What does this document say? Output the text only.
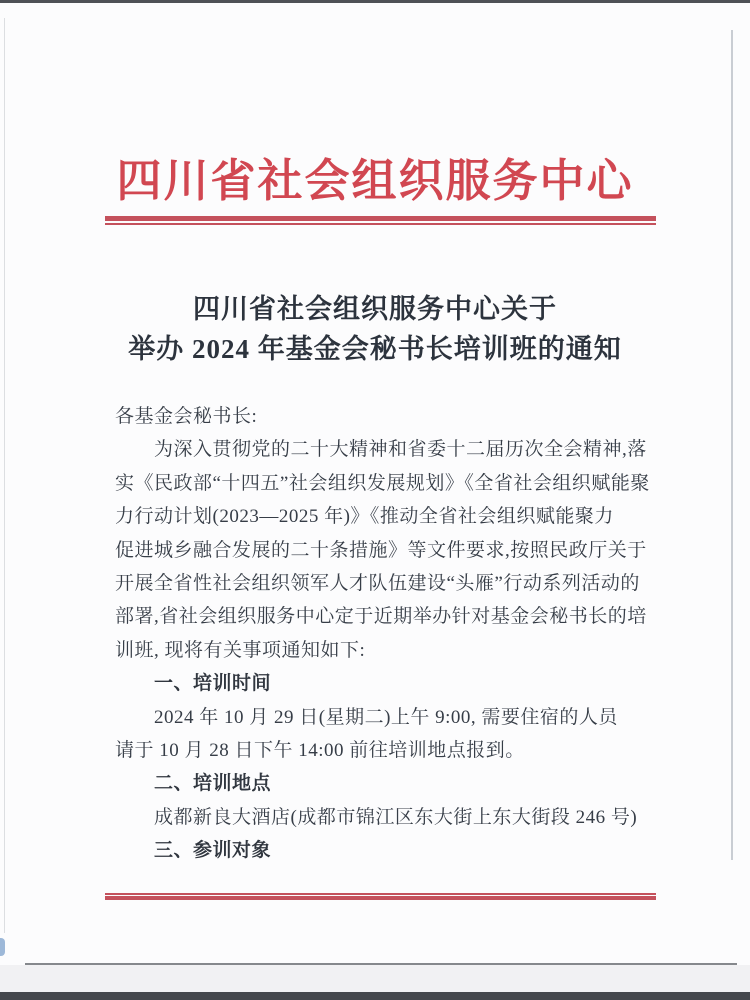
四川省社会组织服务中心
四川省社会组织服务中心关于
举办 2024 年基金会秘书长培训班的通知
各基金会秘书长:
　　为深入贯彻党的二十大精神和省委十二届历次全会精神,落
实《民政部“十四五”社会组织发展规划》《全省社会组织赋能聚
力行动计划(2023—2025 年)》《推动全省社会组织赋能聚力
促进城乡融合发展的二十条措施》等文件要求,按照民政厅关于
开展全省性社会组织领军人才队伍建设“头雁”行动系列活动的
部署,省社会组织服务中心定于近期举办针对基金会秘书长的培
训班, 现将有关事项通知如下:
　　一、培训时间
　　2024 年 10 月 29 日(星期二)上午 9:00, 需要住宿的人员
请于 10 月 28 日下午 14:00 前往培训地点报到。
　　二、培训地点
　　成都新良大酒店(成都市锦江区东大街上东大街段 246 号)
　　三、参训对象
